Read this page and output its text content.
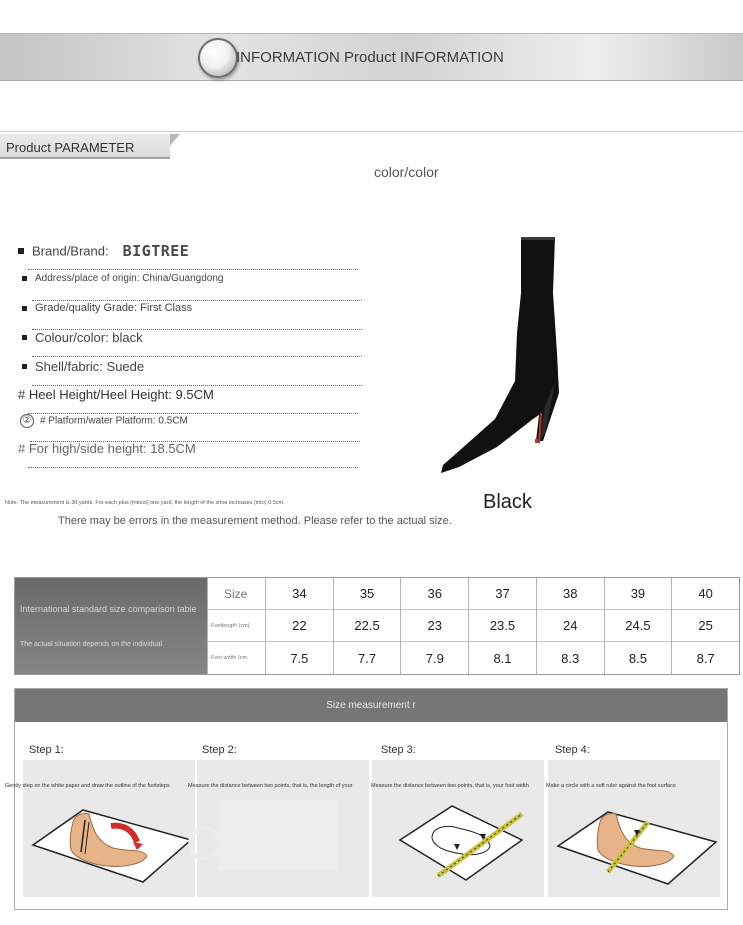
INFORMATION Product INFORMATION
Product PARAMETER
color/color
Brand/Brand: BIGTREE
Address/place of origin: China/Guangdong
Grade/quality Grade: First Class
Colour/color: black
Shell/fabric: Suede
# Heel Height/Heel Height: 9.5CM
② # Platform/water Platform: 0.5CM
# For high/side height: 18.5CM
Black
Note: The measurement is 30 yards. For each plus (minus) one yard, the length of the shoe increases (into) 0.5cm.
There may be errors in the measurement method. Please refer to the actual size.
International standard size comparison table
The actual situation depends on the individual
Size	34	35	36	37	38	39	40
Footlength (cm)	22	22.5	23	23.5	24	24.5	25
Foot width (cm	7.5	7.7	7.9	8.1	8.3	8.5	8.7
Size measurement r
Step 1:	Step 2:	Step 3:	Step 4:
Gently step on the white paper and draw the outline of the footsteps	Measure the distance between two points, that is, the length of your	Measure the distance between two points, that is, your foot width	Make a circle with a soft ruler against the foot surface
One
